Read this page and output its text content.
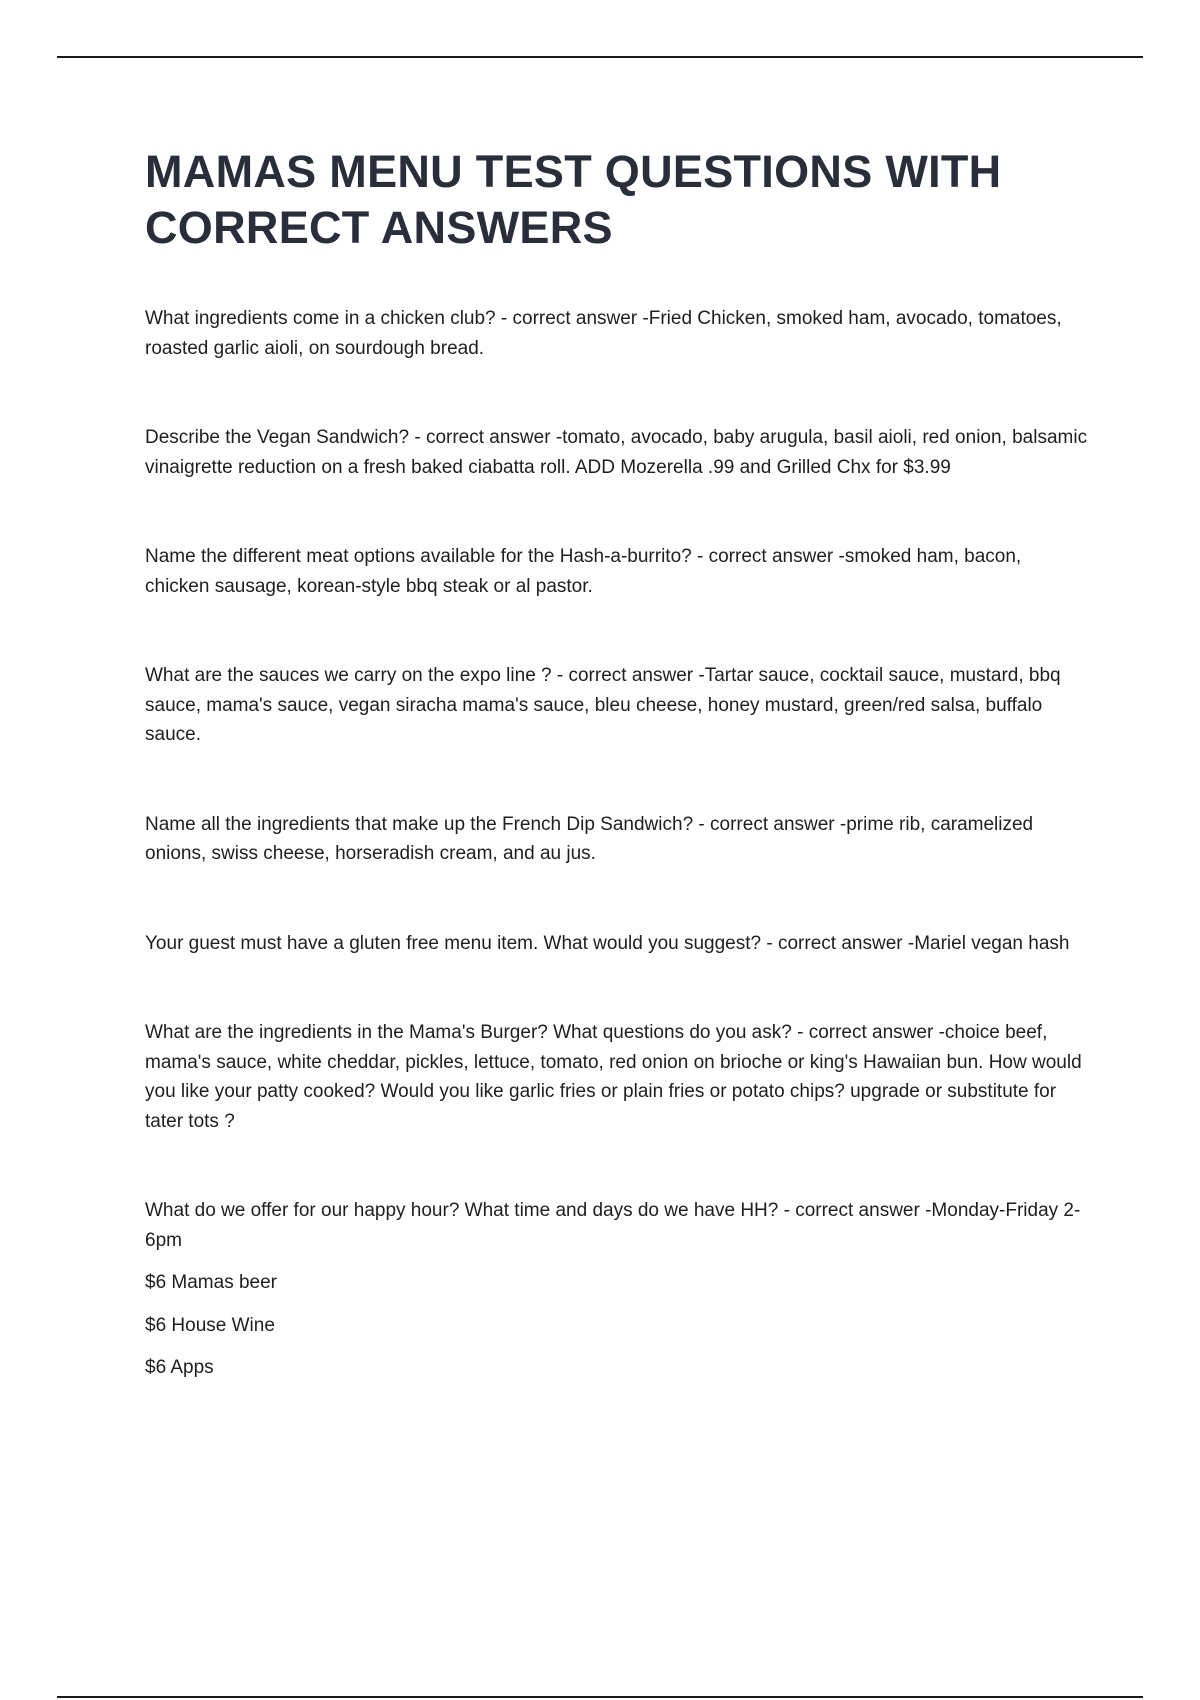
MAMAS MENU TEST QUESTIONS WITH CORRECT ANSWERS

What ingredients come in a chicken club? - correct answer -Fried Chicken, smoked ham, avocado, tomatoes, roasted garlic aioli, on sourdough bread.

Describe the Vegan Sandwich? - correct answer -tomato, avocado, baby arugula, basil aioli, red onion, balsamic vinaigrette reduction on a fresh baked ciabatta roll. ADD Mozerella .99 and Grilled Chx for $3.99

Name the different meat options available for the Hash-a-burrito? - correct answer -smoked ham, bacon, chicken sausage, korean-style bbq steak or al pastor.

What are the sauces we carry on the expo line ? - correct answer -Tartar sauce, cocktail sauce, mustard, bbq sauce, mama's sauce, vegan siracha mama's sauce, bleu cheese, honey mustard, green/red salsa, buffalo sauce.

Name all the ingredients that make up the French Dip Sandwich? - correct answer -prime rib, caramelized onions, swiss cheese, horseradish cream, and au jus.

Your guest must have a gluten free menu item. What would you suggest? - correct answer -Mariel vegan hash

What are the ingredients in the Mama's Burger? What questions do you ask? - correct answer -choice beef, mama's sauce, white cheddar, pickles, lettuce, tomato, red onion on brioche or king's Hawaiian bun. How would you like your patty cooked? Would you like garlic fries or plain fries or potato chips? upgrade or substitute for tater tots ?

What do we offer for our happy hour? What time and days do we have HH? - correct answer -Monday-Friday 2-6pm

$6 Mamas beer

$6 House Wine

$6 Apps
